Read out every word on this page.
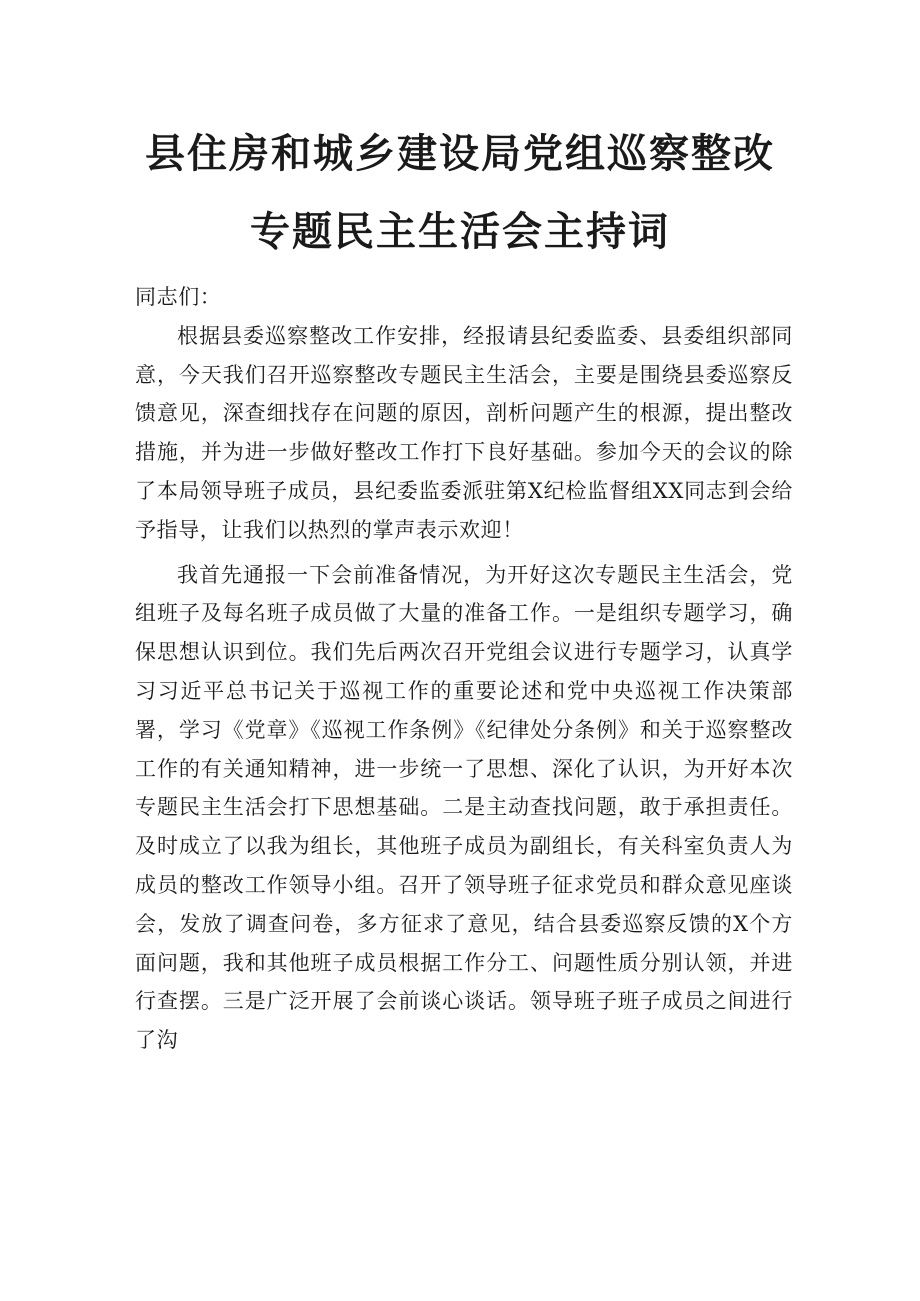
县住房和城乡建设局党组巡察整改
专题民主生活会主持词

同志们：

根据县委巡察整改工作安排，经报请县纪委监委、县委组织部同意，今天我们召开巡察整改专题民主生活会，主要是围绕县委巡察反馈意见，深查细找存在问题的原因，剖析问题产生的根源，提出整改措施，并为进一步做好整改工作打下良好基础。参加今天的会议的除了本局领导班子成员，县纪委监委派驻第X纪检监督组XX同志到会给予指导，让我们以热烈的掌声表示欢迎！

我首先通报一下会前准备情况，为开好这次专题民主生活会，党组班子及每名班子成员做了大量的准备工作。一是组织专题学习，确保思想认识到位。我们先后两次召开党组会议进行专题学习，认真学习习近平总书记关于巡视工作的重要论述和党中央巡视工作决策部署，学习《党章》《巡视工作条例》《纪律处分条例》和关于巡察整改工作的有关通知精神，进一步统一了思想、深化了认识，为开好本次专题民主生活会打下思想基础。二是主动查找问题，敢于承担责任。及时成立了以我为组长，其他班子成员为副组长，有关科室负责人为成员的整改工作领导小组。召开了领导班子征求党员和群众意见座谈会，发放了调查问卷，多方征求了意见，结合县委巡察反馈的X个方面问题，我和其他班子成员根据工作分工、问题性质分别认领，并进行查摆。三是广泛开展了会前谈心谈话。领导班子班子成员之间进行了沟
